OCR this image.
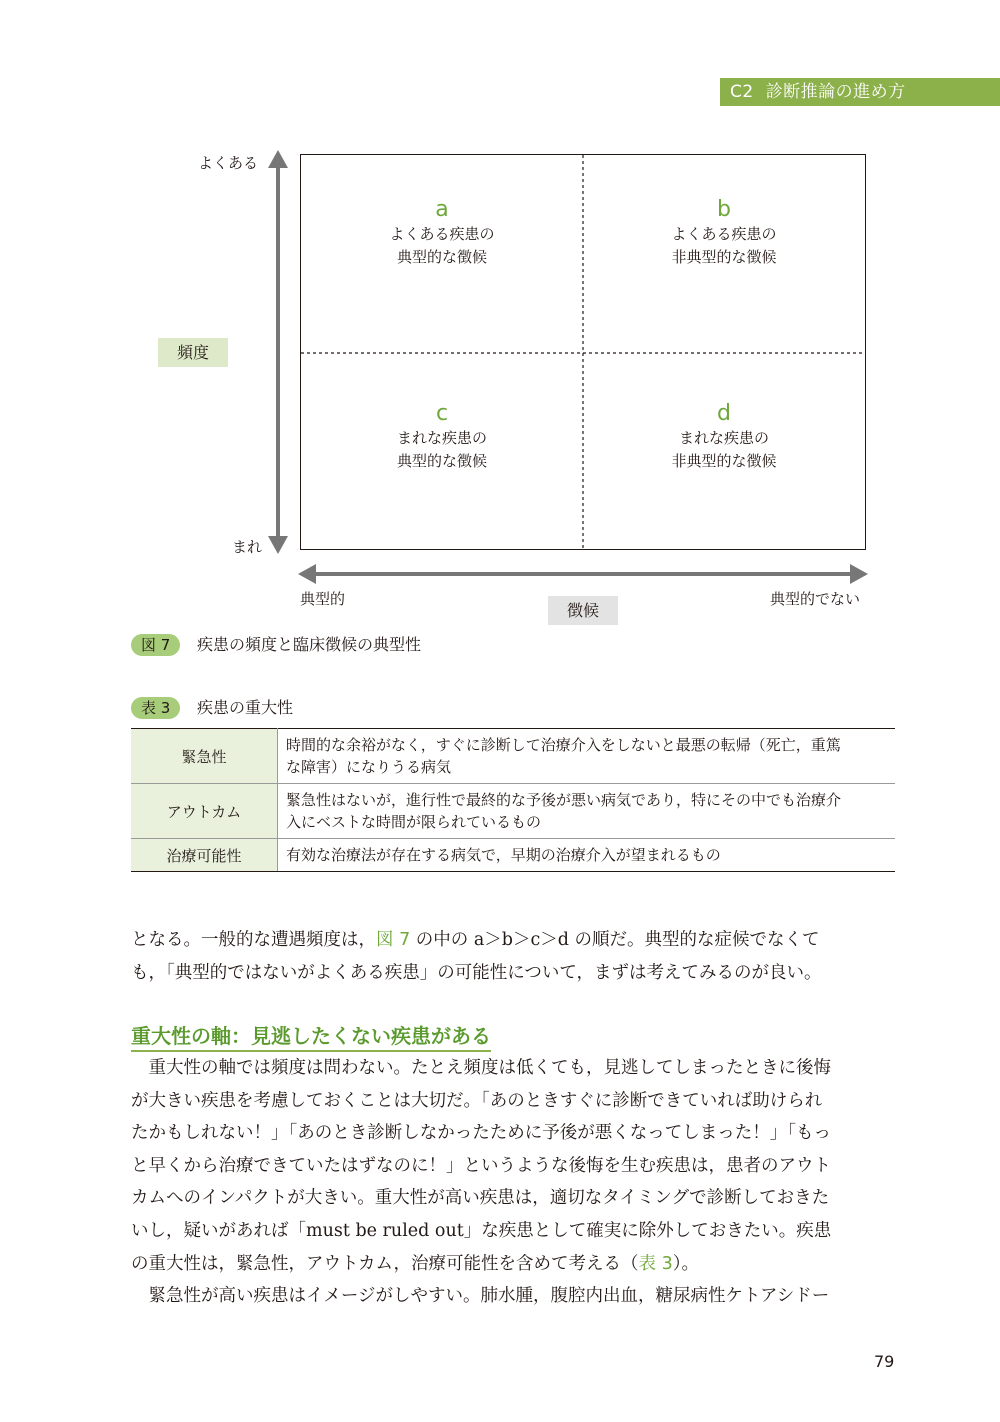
C2 診断推論の進め方
よくある
まれ
頻度
典型的	典型的でない
徴候
a
よくある疾患の
典型的な徴候
b
よくある疾患の
非典型的な徴候
c
まれな疾患の
典型的な徴候
d
まれな疾患の
非典型的な徴候
図 7	疾患の頻度と臨床徴候の典型性
表 3	疾患の重大性
緊急性	時間的な余裕がなく，すぐに診断して治療介入をしないと最悪の転帰（死亡，重篤
な障害）になりうる病気

アウトカム	緊急性はないが，進行性で最終的な予後が悪い病気であり，特にその中でも治療介
入にベストな時間が限られているもの

治療可能性	有効な治療法が存在する病気で，早期の治療介入が望まれるもの
となる。一般的な遭遇頻度は，図 7 の中の a＞b＞c＞d の順だ。典型的な症候でなくて
も，「典型的ではないがよくある疾患」の可能性について，まずは考えてみるのが良い。
重大性の軸：見逃したくない疾患がある
重大性の軸では頻度は問わない。たとえ頻度は低くても，見逃してしまったときに後悔
が大きい疾患を考慮しておくことは大切だ。「あのときすぐに診断できていれば助けられ
たかもしれない！」「あのとき診断しなかったために予後が悪くなってしまった！」「もっ
と早くから治療できていたはずなのに！」というような後悔を生む疾患は，患者のアウト
カムへのインパクトが大きい。重大性が高い疾患は，適切なタイミングで診断しておきた
いし，疑いがあれば「must be ruled out」な疾患として確実に除外しておきたい。疾患
の重大性は，緊急性，アウトカム，治療可能性を含めて考える（表 3）。
緊急性が高い疾患はイメージがしやすい。肺水腫，腹腔内出血，糖尿病性ケトアシドー
79
